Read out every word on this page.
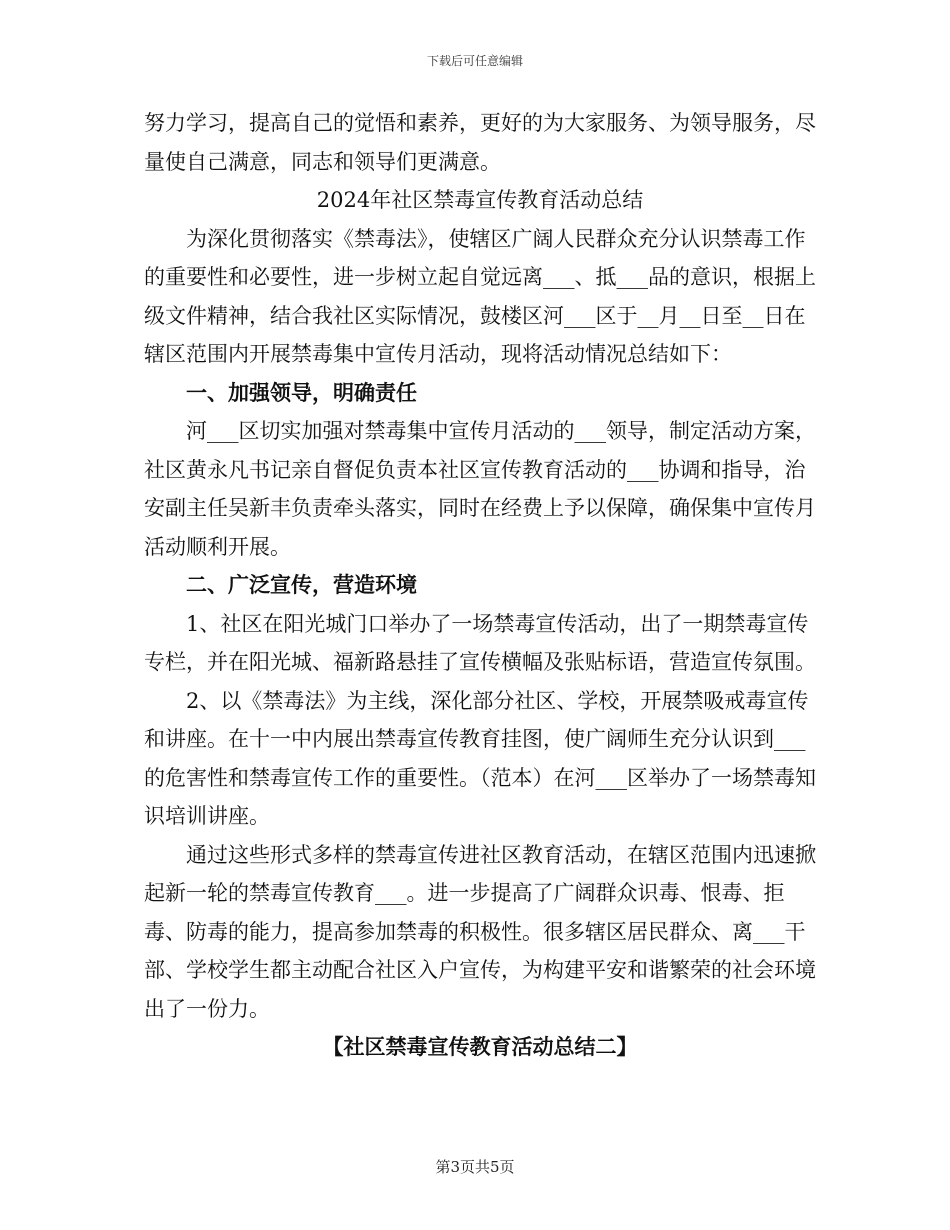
下载后可任意编辑

努力学习，提高自己的觉悟和素养，更好的为大家服务、为领导服务，尽量使自己满意，同志和领导们更满意。

2024年社区禁毒宣传教育活动总结

为深化贯彻落实《禁毒法》，使辖区广阔人民群众充分认识禁毒工作的重要性和必要性，进一步树立起自觉远离___、抵___品的意识，根据上级文件精神，结合我社区实际情况，鼓楼区河___区于__月__日至__日在辖区范围内开展禁毒集中宣传月活动，现将活动情况总结如下：

一、加强领导，明确责任

河___区切实加强对禁毒集中宣传月活动的___领导，制定活动方案，社区黄永凡书记亲自督促负责本社区宣传教育活动的___协调和指导，治安副主任吴新丰负责牵头落实，同时在经费上予以保障，确保集中宣传月活动顺利开展。

二、广泛宣传，营造环境

1、社区在阳光城门口举办了一场禁毒宣传活动，出了一期禁毒宣传专栏，并在阳光城、福新路悬挂了宣传横幅及张贴标语，营造宣传氛围。

2、以《禁毒法》为主线，深化部分社区、学校，开展禁吸戒毒宣传和讲座。在十一中内展出禁毒宣传教育挂图，使广阔师生充分认识到___的危害性和禁毒宣传工作的重要性。（范本）在河___区举办了一场禁毒知识培训讲座。

通过这些形式多样的禁毒宣传进社区教育活动，在辖区范围内迅速掀起新一轮的禁毒宣传教育___。进一步提高了广阔群众识毒、恨毒、拒毒、防毒的能力，提高参加禁毒的积极性。很多辖区居民群众、离___干部、学校学生都主动配合社区入户宣传，为构建平安和谐繁荣的社会环境出了一份力。

【社区禁毒宣传教育活动总结二】

第3页共5页
